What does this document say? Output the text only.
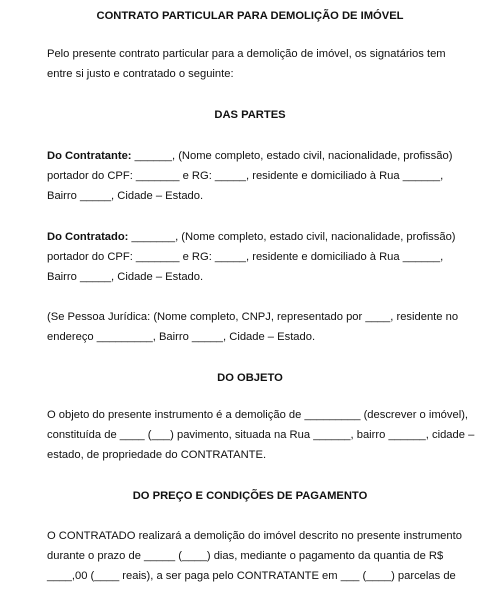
CONTRATO PARTICULAR PARA DEMOLIÇÃO DE IMÓVEL
Pelo presente contrato particular para a demolição de imóvel, os signatários tem
entre si justo e contratado o seguinte:
DAS PARTES
Do Contratante: ______, (Nome completo, estado civil, nacionalidade, profissão)
portador do CPF: _______ e RG: _____, residente e domiciliado à Rua ______,
Bairro _____, Cidade – Estado.
Do Contratado: _______, (Nome completo, estado civil, nacionalidade, profissão)
portador do CPF: _______ e RG: _____, residente e domiciliado à Rua ______,
Bairro _____, Cidade – Estado.
(Se Pessoa Jurídica: (Nome completo, CNPJ, representado por ____, residente no
endereço _________, Bairro _____, Cidade – Estado.
DO OBJETO
O objeto do presente instrumento é a demolição de _________ (descrever o imóvel),
constituída de ____ (___) pavimento, situada na Rua ______, bairro ______, cidade –
estado, de propriedade do CONTRATANTE.
DO PREÇO E CONDIÇÕES DE PAGAMENTO
O CONTRATADO realizará a demolição do imóvel descrito no presente instrumento
durante o prazo de _____ (____) dias, mediante o pagamento da quantia de R$
____,00 (____ reais), a ser paga pelo CONTRATANTE em ___ (____) parcelas de
